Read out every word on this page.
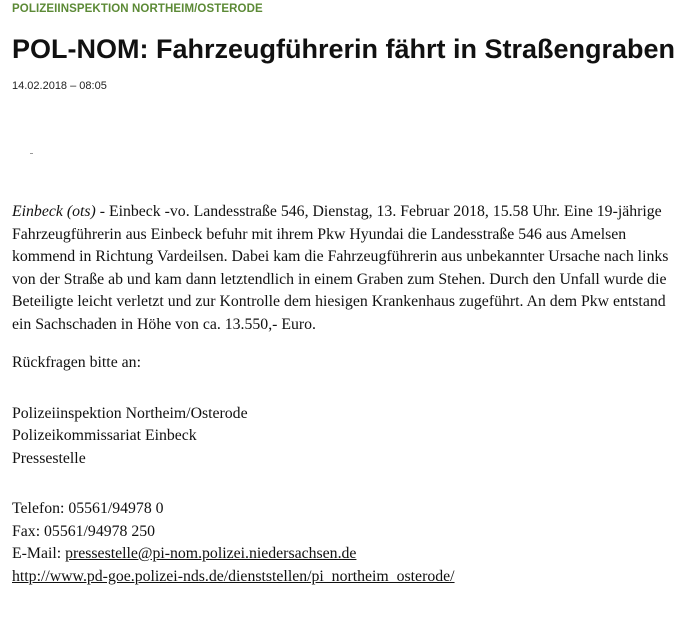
POLIZEIINSPEKTION NORTHEIM/OSTERODE
POL-NOM: Fahrzeugführerin fährt in Straßengraben
14.02.2018 – 08:05

Einbeck (ots) - Einbeck -vo. Landesstraße 546, Dienstag, 13. Februar 2018, 15.58 Uhr. Eine 19-jährige Fahrzeugführerin aus Einbeck befuhr mit ihrem Pkw Hyundai die Landesstraße 546 aus Amelsen kommend in Richtung Vardeilsen. Dabei kam die Fahrzeugführerin aus unbekannter Ursache nach links von der Straße ab und kam dann letztendlich in einem Graben zum Stehen. Durch den Unfall wurde die Beteiligte leicht verletzt und zur Kontrolle dem hiesigen Krankenhaus zugeführt. An dem Pkw entstand ein Sachschaden in Höhe von ca. 13.550,- Euro.

Rückfragen bitte an:

Polizeiinspektion Northeim/Osterode

Polizeikommissariat Einbeck

Pressestelle

Telefon: 05561/94978 0

Fax: 05561/94978 250

E-Mail: pressestelle@pi-nom.polizei.niedersachsen.de

http://www.pd-goe.polizei-nds.de/dienststellen/pi_northeim_osterode/
